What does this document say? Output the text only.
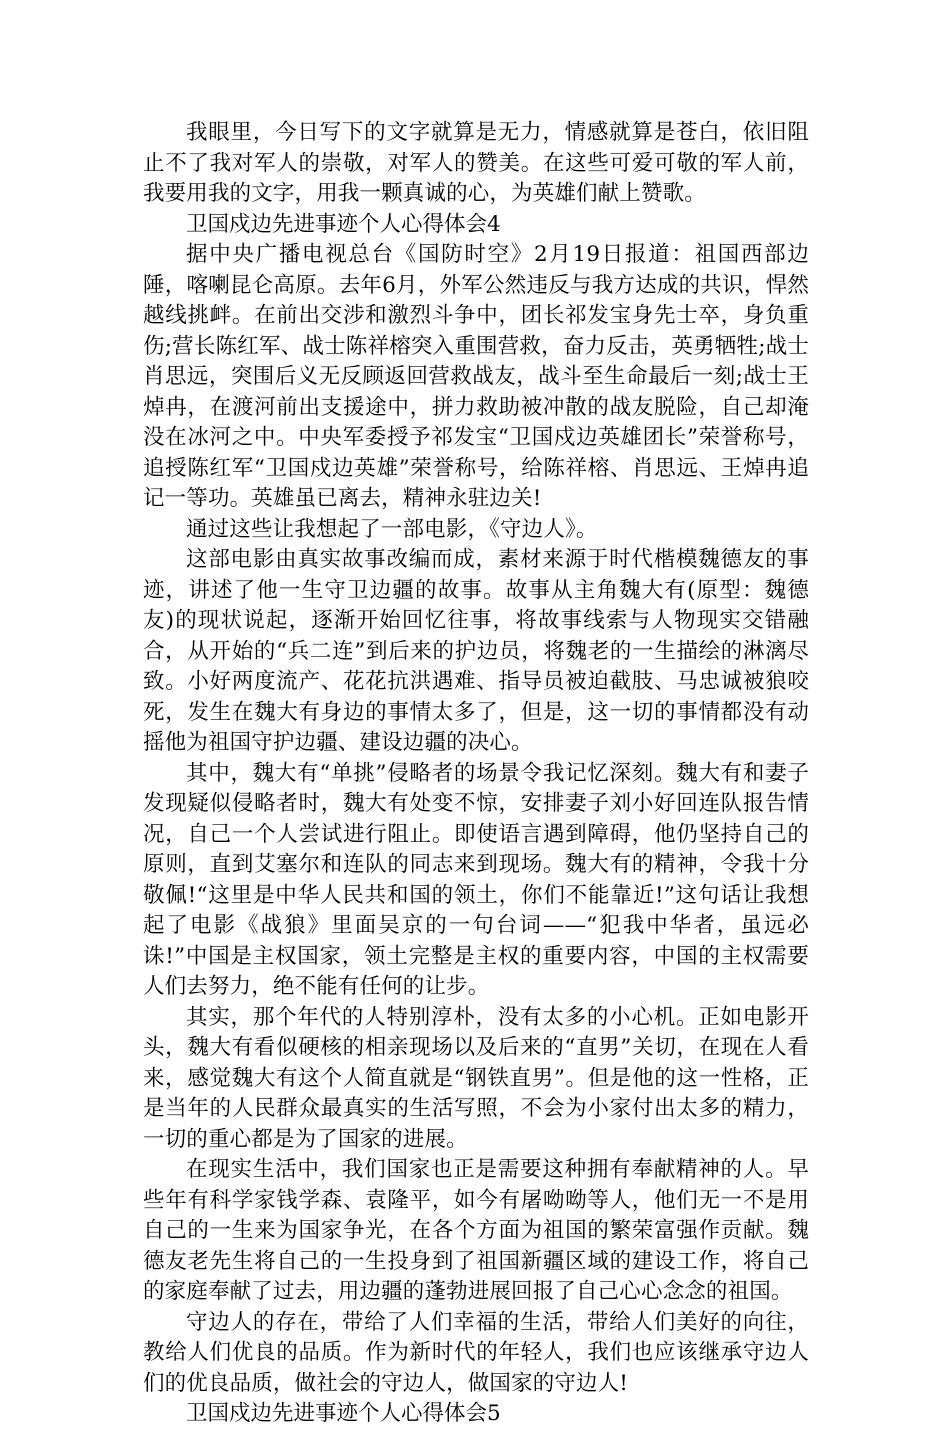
我眼里，今日写下的文字就算是无力，情感就算是苍白，依旧阻止不了我对军人的崇敬，对军人的赞美。在这些可爱可敬的军人前，我要用我的文字，用我一颗真诚的心，为英雄们献上赞歌。

卫国戍边先进事迹个人心得体会4

据中央广播电视总台《国防时空》2月19日报道：祖国西部边陲，喀喇昆仑高原。去年6月，外军公然违反与我方达成的共识，悍然越线挑衅。在前出交涉和激烈斗争中，团长祁发宝身先士卒，身负重伤;营长陈红军、战士陈祥榕突入重围营救，奋力反击，英勇牺牲;战士肖思远，突围后义无反顾返回营救战友，战斗至生命最后一刻;战士王焯冉，在渡河前出支援途中，拼力救助被冲散的战友脱险，自己却淹没在冰河之中。中央军委授予祁发宝“卫国戍边英雄团长”荣誉称号，追授陈红军“卫国戍边英雄”荣誉称号，给陈祥榕、肖思远、王焯冉追记一等功。英雄虽已离去，精神永驻边关!

通过这些让我想起了一部电影，《守边人》。

这部电影由真实故事改编而成，素材来源于时代楷模魏德友的事迹，讲述了他一生守卫边疆的故事。故事从主角魏大有(原型：魏德友)的现状说起，逐渐开始回忆往事，将故事线索与人物现实交错融合，从开始的“兵二连”到后来的护边员，将魏老的一生描绘的淋漓尽致。小好两度流产、花花抗洪遇难、指导员被迫截肢、马忠诚被狼咬死，发生在魏大有身边的事情太多了，但是，这一切的事情都没有动摇他为祖国守护边疆、建设边疆的决心。

其中，魏大有“单挑”侵略者的场景令我记忆深刻。魏大有和妻子发现疑似侵略者时，魏大有处变不惊，安排妻子刘小好回连队报告情况，自己一个人尝试进行阻止。即使语言遇到障碍，他仍坚持自己的原则，直到艾塞尔和连队的同志来到现场。魏大有的精神，令我十分敬佩!“这里是中华人民共和国的领土，你们不能靠近!”这句话让我想起了电影《战狼》里面吴京的一句台词——“犯我中华者，虽远必诛!”中国是主权国家，领土完整是主权的重要内容，中国的主权需要人们去努力，绝不能有任何的让步。

其实，那个年代的人特别淳朴，没有太多的小心机。正如电影开头，魏大有看似硬核的相亲现场以及后来的“直男”关切，在现在人看来，感觉魏大有这个人简直就是“钢铁直男”。但是他的这一性格，正是当年的人民群众最真实的生活写照，不会为小家付出太多的精力，一切的重心都是为了国家的进展。

在现实生活中，我们国家也正是需要这种拥有奉献精神的人。早些年有科学家钱学森、袁隆平，如今有屠呦呦等人，他们无一不是用自己的一生来为国家争光，在各个方面为祖国的繁荣富强作贡献。魏德友老先生将自己的一生投身到了祖国新疆区域的建设工作，将自己的家庭奉献了过去，用边疆的蓬勃进展回报了自己心心念念的祖国。

守边人的存在，带给了人们幸福的生活，带给人们美好的向往，教给人们优良的品质。作为新时代的年轻人，我们也应该继承守边人们的优良品质，做社会的守边人，做国家的守边人!

卫国戍边先进事迹个人心得体会5
